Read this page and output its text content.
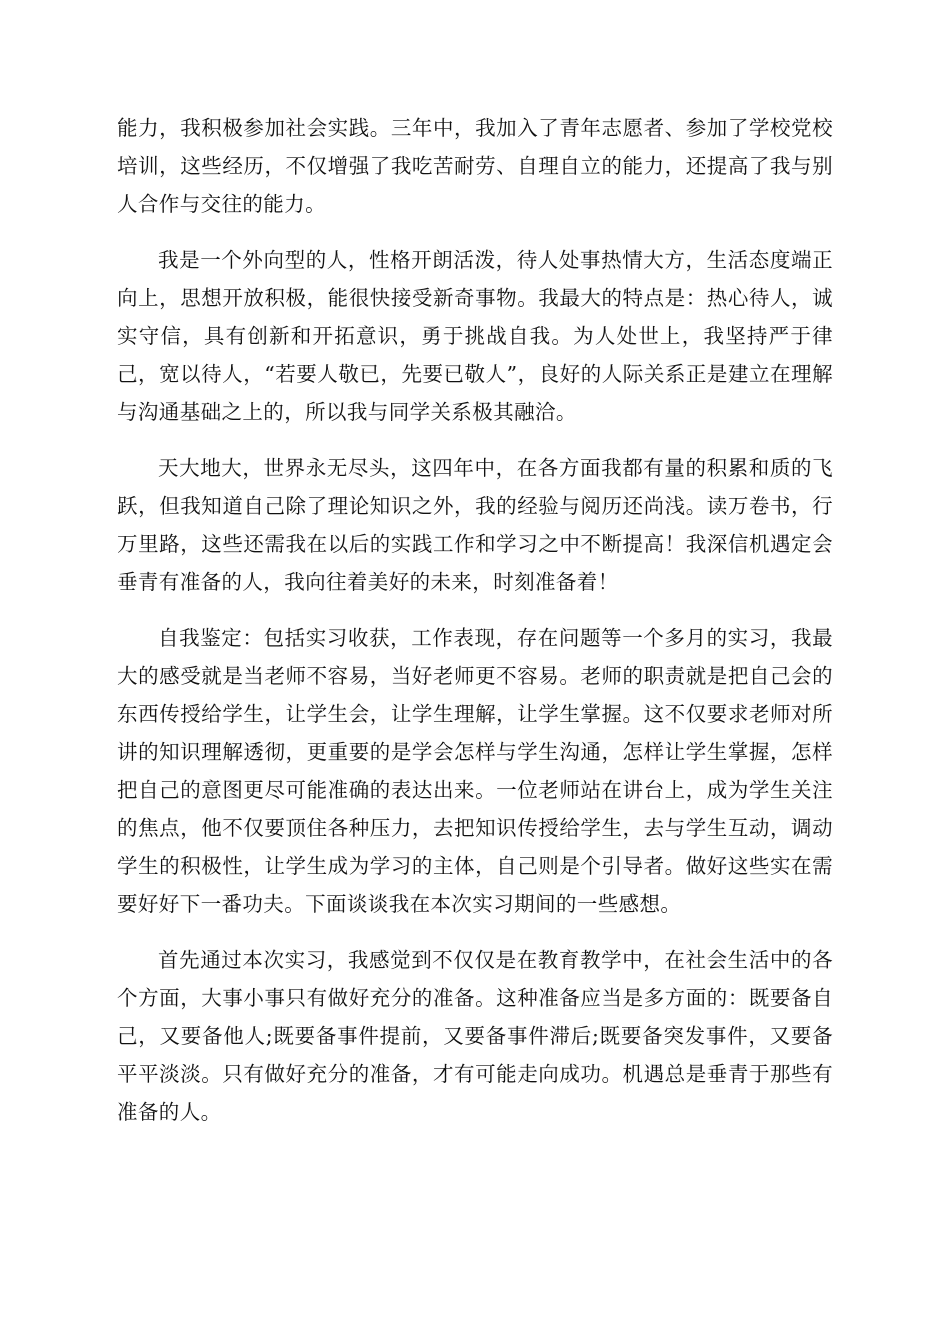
能力，我积极参加社会实践。三年中，我加入了青年志愿者、参加了学校党校培训，这些经历，不仅增强了我吃苦耐劳、自理自立的能力，还提高了我与别人合作与交往的能力。

我是一个外向型的人，性格开朗活泼，待人处事热情大方，生活态度端正向上，思想开放积极，能很快接受新奇事物。我最大的特点是：热心待人，诚实守信，具有创新和开拓意识，勇于挑战自我。为人处世上，我坚持严于律己，宽以待人，“若要人敬已，先要已敬人”，良好的人际关系正是建立在理解与沟通基础之上的，所以我与同学关系极其融洽。

天大地大，世界永无尽头，这四年中，在各方面我都有量的积累和质的飞跃，但我知道自己除了理论知识之外，我的经验与阅历还尚浅。读万卷书，行万里路，这些还需我在以后的实践工作和学习之中不断提高！我深信机遇定会垂青有准备的人，我向往着美好的未来，时刻准备着！

自我鉴定：包括实习收获，工作表现，存在问题等一个多月的实习，我最大的感受就是当老师不容易，当好老师更不容易。老师的职责就是把自己会的东西传授给学生，让学生会，让学生理解，让学生掌握。这不仅要求老师对所讲的知识理解透彻，更重要的是学会怎样与学生沟通，怎样让学生掌握，怎样把自己的意图更尽可能准确的表达出来。一位老师站在讲台上，成为学生关注的焦点，他不仅要顶住各种压力，去把知识传授给学生，去与学生互动，调动学生的积极性，让学生成为学习的主体，自己则是个引导者。做好这些实在需要好好下一番功夫。下面谈谈我在本次实习期间的一些感想。

首先通过本次实习，我感觉到不仅仅是在教育教学中，在社会生活中的各个方面，大事小事只有做好充分的准备。这种准备应当是多方面的：既要备自己，又要备他人;既要备事件提前，又要备事件滞后;既要备突发事件，又要备平平淡淡。只有做好充分的准备，才有可能走向成功。机遇总是垂青于那些有准备的人。
